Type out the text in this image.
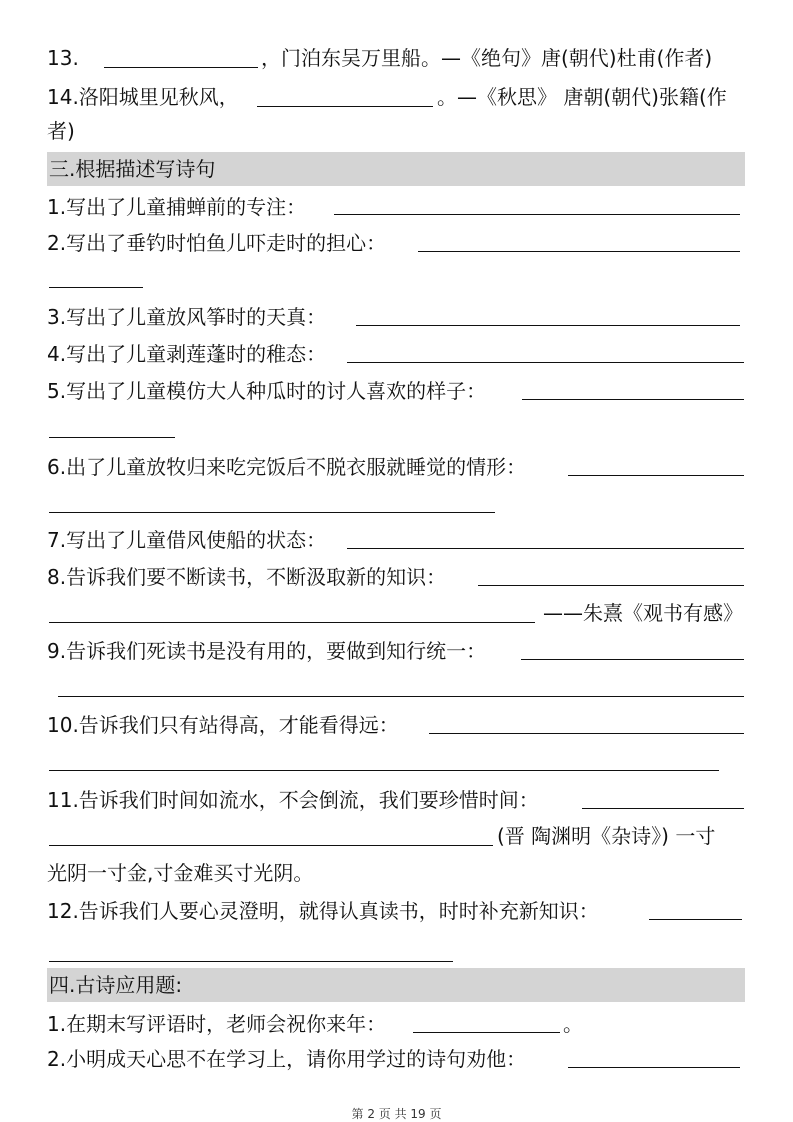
13.	，门泊东吴万里船。—《绝句》唐(朝代)杜甫(作者)
14.洛阳城里见秋风，	。—《秋思》 唐朝(朝代)张籍(作
者)
三.根据描述写诗句
1.写出了儿童捕蝉前的专注：
2.写出了垂钓时怕鱼儿吓走时的担心：
3.写出了儿童放风筝时的天真：
4.写出了儿童剥莲蓬时的稚态：
5.写出了儿童模仿大人种瓜时的讨人喜欢的样子：
6.出了儿童放牧归来吃完饭后不脱衣服就睡觉的情形：
7.写出了儿童借风使船的状态：
8.告诉我们要不断读书，不断汲取新的知识：
——朱熹《观书有感》
9.告诉我们死读书是没有用的，要做到知行统一：
10.告诉我们只有站得高，才能看得远：
11.告诉我们时间如流水，不会倒流，我们要珍惜时间：
(晋 陶渊明《杂诗》) 一寸
光阴一寸金,寸金难买寸光阴。
12.告诉我们人要心灵澄明，就得认真读书，时时补充新知识：
四.古诗应用题:
1.在期末写评语时，老师会祝你来年：	。
2.小明成天心思不在学习上，请你用学过的诗句劝他：
第 2 页 共 19 页
